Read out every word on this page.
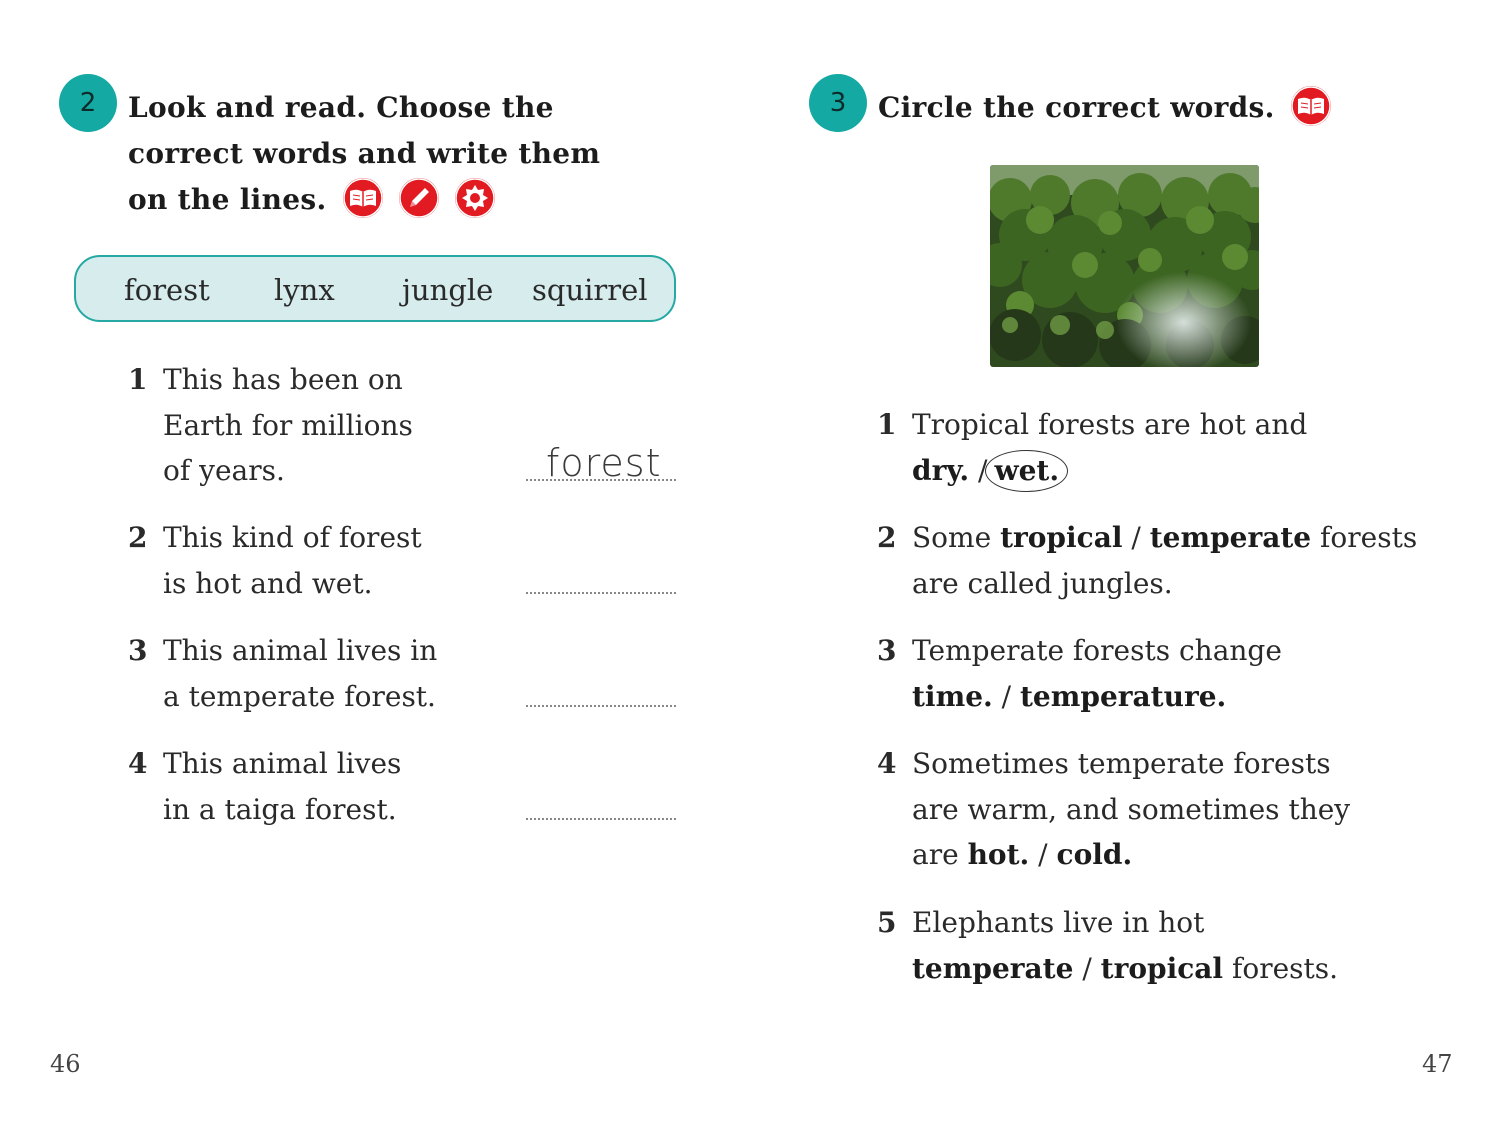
2 Look and read. Choose the
correct words and write them
on the lines.

forest lynx jungle squirrel
1 This has been on
Earth for millions
of years.	forest
2 This kind of forest
is hot and wet.
3 This animal lives in
a temperate forest.
4 This animal lives
in a taiga forest.
46
3 Circle the correct words.
1 Tropical forests are hot and
dry. / wet.
2 Some tropical / temperate forests
are called jungles.
3 Temperate forests change
time. / temperature.
4 Sometimes temperate forests
are warm, and sometimes they
are hot. / cold.
5 Elephants live in hot
temperate / tropical forests.
47
